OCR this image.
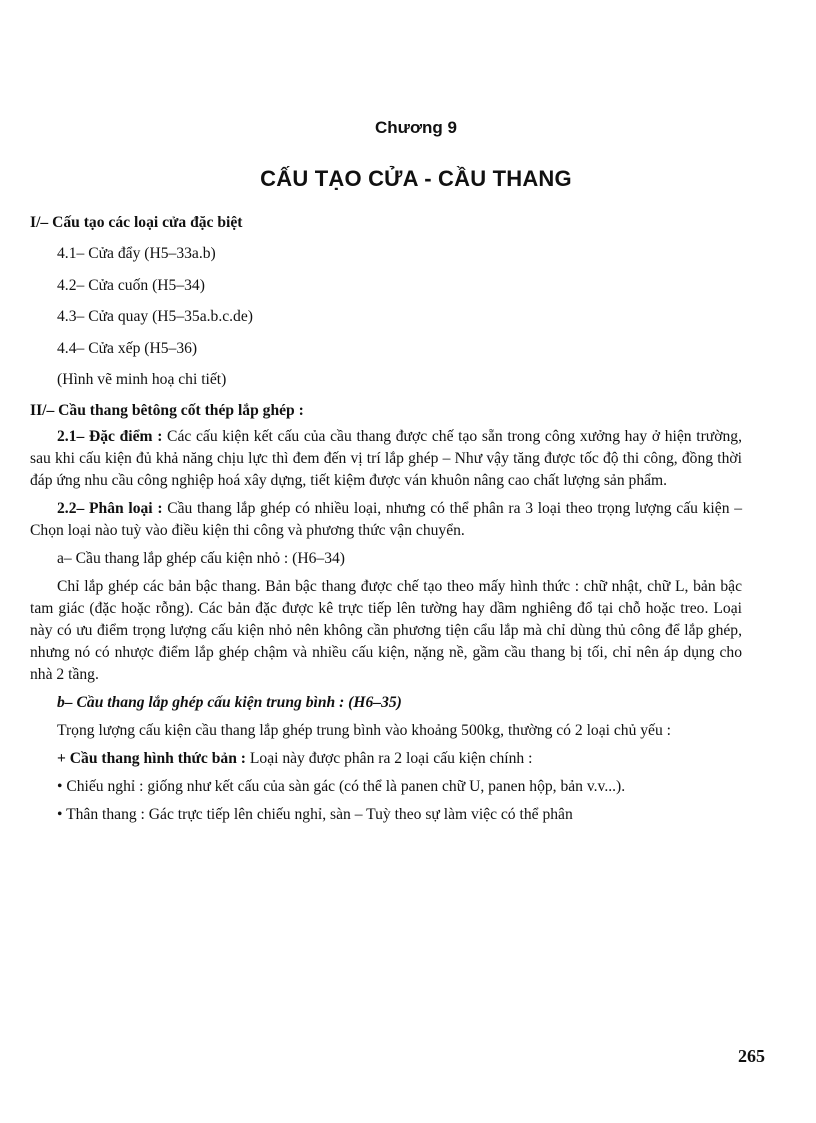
Chương 9
CẤU TẠO CỬA - CẦU THANG

I/– Cấu tạo các loại cửa đặc biệt

4.1– Cửa đẩy (H5–33a.b)

4.2– Cửa cuốn (H5–34)

4.3– Cửa quay (H5–35a.b.c.de)

4.4– Cửa xếp (H5–36)

(Hình vẽ minh hoạ chi tiết)

II/– Cầu thang bêtông cốt thép lắp ghép :

2.1– Đặc điểm : Các cấu kiện kết cấu của cầu thang được chế tạo sẵn trong công xưởng hay ở hiện trường, sau khi cấu kiện đủ khả năng chịu lực thì đem đến vị trí lắp ghép – Như vậy tăng được tốc độ thi công, đồng thời đáp ứng nhu cầu công nghiệp hoá xây dựng, tiết kiệm được ván khuôn nâng cao chất lượng sản phẩm.

2.2– Phân loại : Cầu thang lắp ghép có nhiều loại, nhưng có thể phân ra 3 loại theo trọng lượng cấu kiện – Chọn loại nào tuỳ vào điều kiện thi công và phương thức vận chuyển.

a– Cầu thang lắp ghép cấu kiện nhỏ : (H6–34)

Chỉ lắp ghép các bản bậc thang. Bản bậc thang được chế tạo theo mấy hình thức : chữ nhật, chữ L, bản bậc tam giác (đặc hoặc rỗng). Các bản đặc được kê trực tiếp lên tường hay dầm nghiêng đổ tại chỗ hoặc treo. Loại này có ưu điểm trọng lượng cấu kiện nhỏ nên không cần phương tiện cẩu lắp mà chỉ dùng thủ công để lắp ghép, nhưng nó có nhược điểm lắp ghép chậm và nhiều cấu kiện, nặng nề, gầm cầu thang bị tối, chỉ nên áp dụng cho nhà 2 tầng.

b– Cầu thang lắp ghép cấu kiện trung bình : (H6–35)

Trọng lượng cấu kiện cầu thang lắp ghép trung bình vào khoảng 500kg, thường có 2 loại chủ yếu :

+ Cầu thang hình thức bản : Loại này được phân ra 2 loại cấu kiện chính :

• Chiếu nghỉ : giống như kết cấu của sàn gác (có thể là panen chữ U, panen hộp, bản v.v...).

• Thân thang : Gác trực tiếp lên chiếu nghỉ, sàn – Tuỳ theo sự làm việc có thể phân

265
